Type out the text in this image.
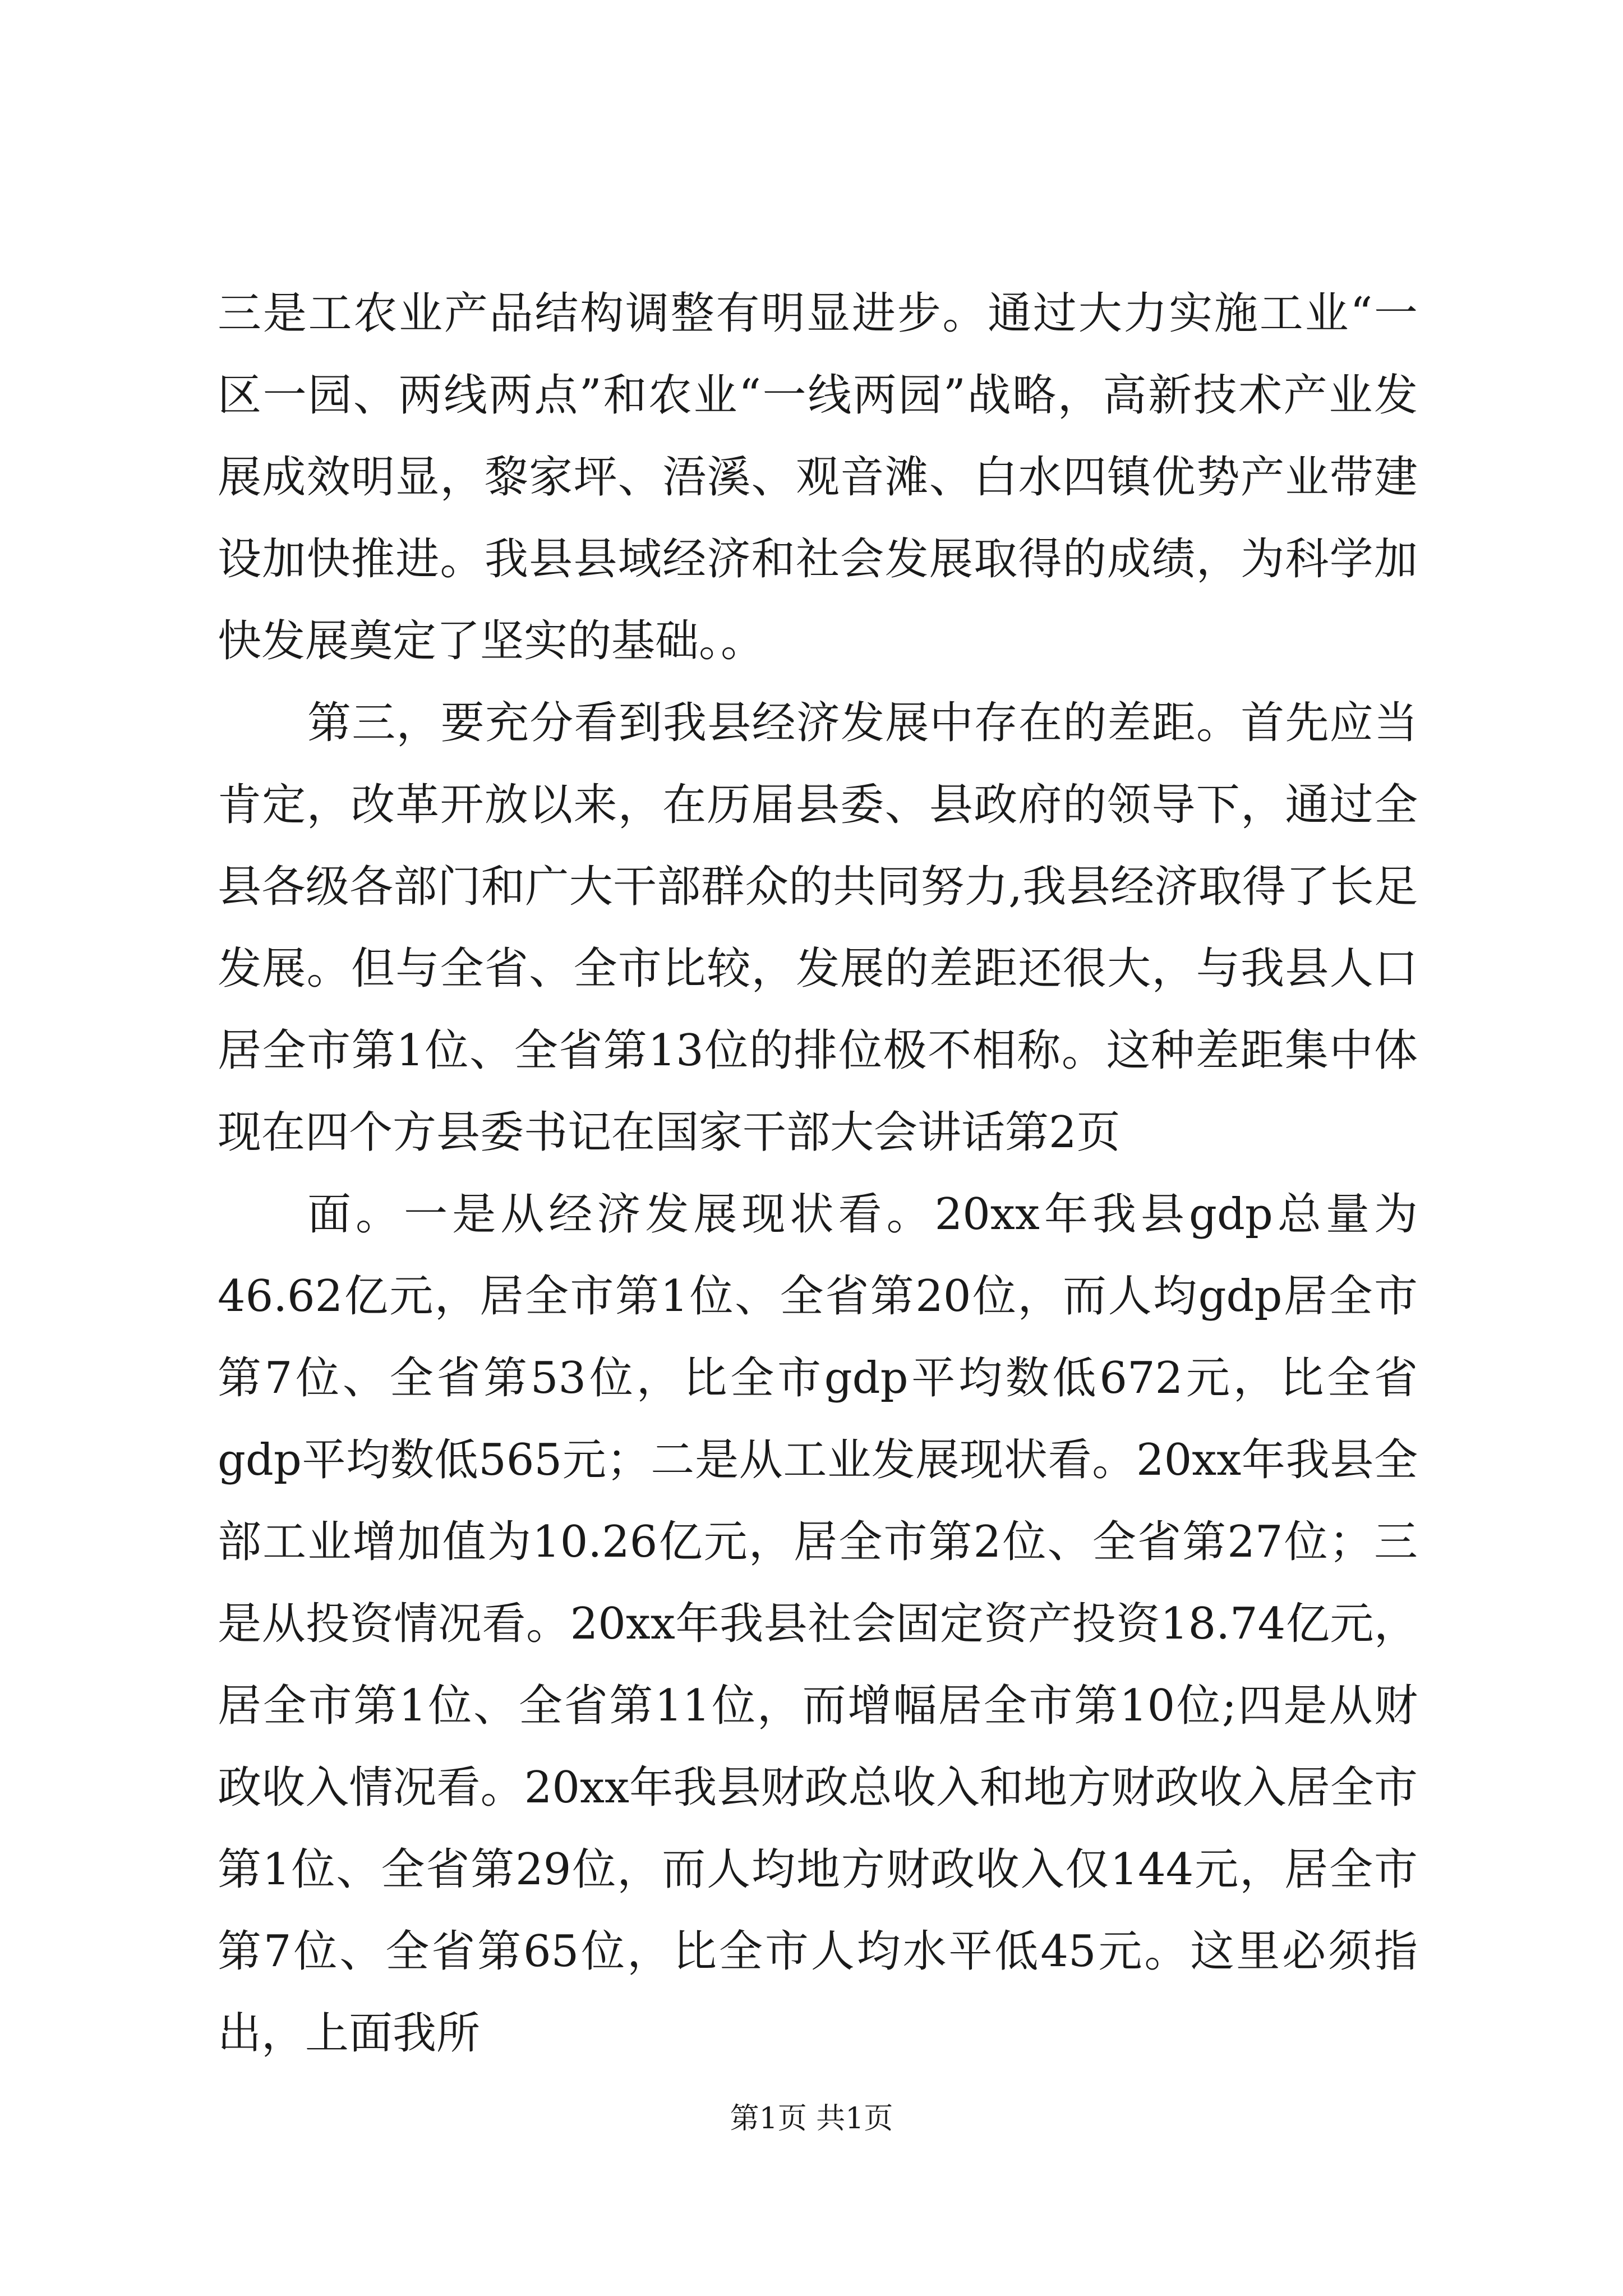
三是工农业产品结构调整有明显进步。通过大力实施工业“一区一园、两线两点”和农业“一线两园”战略，高新技术产业发展成效明显，黎家坪、浯溪、观音滩、白水四镇优势产业带建设加快推进。我县县域经济和社会发展取得的成绩，为科学加快发展奠定了坚实的基础。。

第三，要充分看到我县经济发展中存在的差距。首先应当肯定，改革开放以来，在历届县委、县政府的领导下，通过全县各级各部门和广大干部群众的共同努力,我县经济取得了长足发展。但与全省、全市比较，发展的差距还很大，与我县人口居全市第1位、全省第13位的排位极不相称。这种差距集中体现在四个方县委书记在国家干部大会讲话第2页

面。一是从经济发展现状看。20xx年我县gdp总量为46.62亿元，居全市第1位、全省第20位，而人均gdp居全市第7位、全省第53位，比全市gdp平均数低672元，比全省gdp平均数低565元；二是从工业发展现状看。20xx年我县全部工业增加值为10.26亿元，居全市第2位、全省第27位；三是从投资情况看。20xx年我县社会固定资产投资18.74亿元，居全市第1位、全省第11位，而增幅居全市第10位;四是从财政收入情况看。20xx年我县财政总收入和地方财政收入居全市第1位、全省第29位，而人均地方财政收入仅144元，居全市第7位、全省第65位，比全市人均水平低45元。这里必须指出，上面我所

第1页 共1页
